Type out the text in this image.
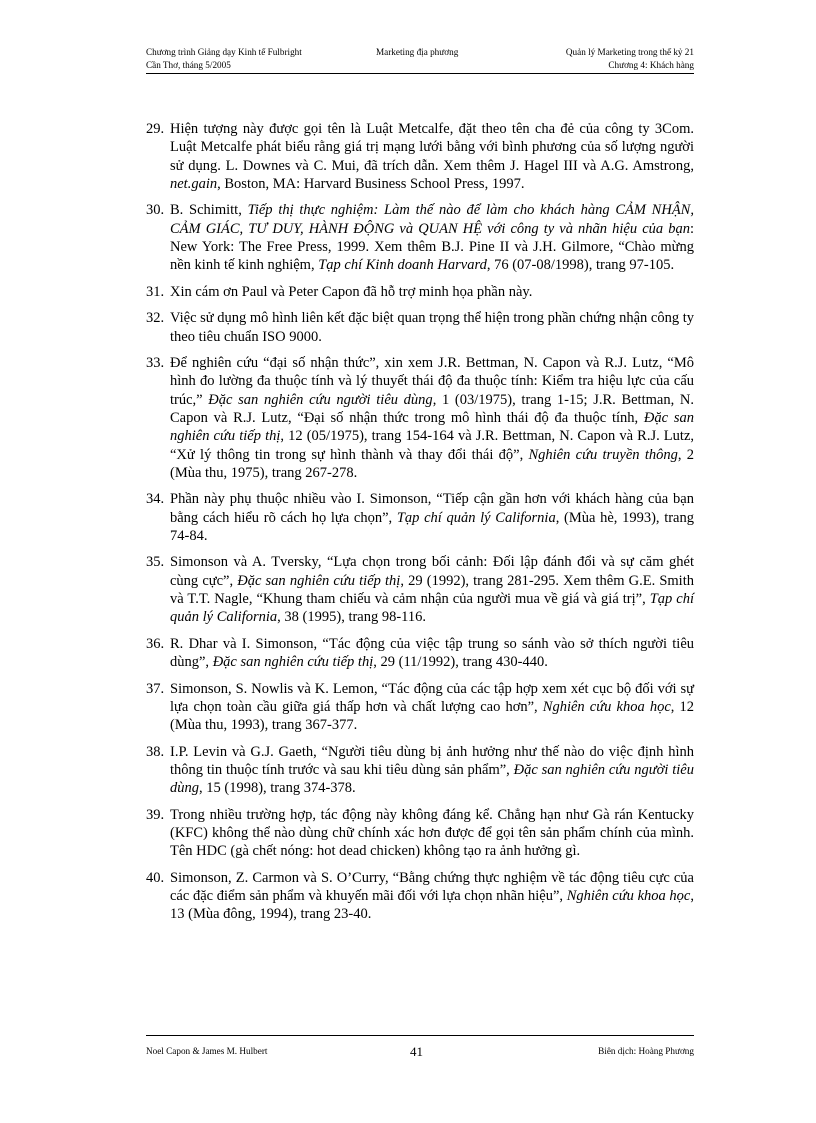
Chương trình Giảng dạy Kinh tế Fulbright
Cần Thơ, tháng 5/2005
Marketing địa phương	Quản lý Marketing trong thế kỷ 21
Chương 4: Khách hàng
29. Hiện tượng này được gọi tên là Luật Metcalfe, đặt theo tên cha đẻ của công ty 3Com. Luật Metcalfe phát biểu rằng giá trị mạng lưới bằng với bình phương của số lượng người sử dụng. L. Downes và C. Mui, đã trích dẫn. Xem thêm J. Hagel III và A.G. Amstrong, net.gain, Boston, MA: Harvard Business School Press, 1997.
30. B. Schimitt, Tiếp thị thực nghiệm: Làm thế nào để làm cho khách hàng CẢM NHẬN, CẢM GIÁC, TƯ DUY, HÀNH ĐỘNG và QUAN HỆ với công ty và nhãn hiệu của bạn: New York: The Free Press, 1999. Xem thêm B.J. Pine II và J.H. Gilmore, “Chào mừng nền kinh tế kinh nghiệm, Tạp chí Kinh doanh Harvard, 76 (07-08/1998), trang 97-105.
31. Xin cám ơn Paul và Peter Capon đã hỗ trợ minh họa phần này.
32. Việc sử dụng mô hình liên kết đặc biệt quan trọng thể hiện trong phần chứng nhận công ty theo tiêu chuẩn ISO 9000.
33. Để nghiên cứu “đại số nhận thức”, xin xem J.R. Bettman, N. Capon và R.J. Lutz, “Mô hình đo lường đa thuộc tính và lý thuyết thái độ đa thuộc tính: Kiểm tra hiệu lực của cấu trúc,” Đặc san nghiên cứu người tiêu dùng, 1 (03/1975), trang 1-15; J.R. Bettman, N. Capon và R.J. Lutz, “Đại số nhận thức trong mô hình thái độ đa thuộc tính, Đặc san nghiên cứu tiếp thị, 12 (05/1975), trang 154-164 và J.R. Bettman, N. Capon và R.J. Lutz, “Xử lý thông tin trong sự hình thành và thay đổi thái độ”, Nghiên cứu truyền thông, 2 (Mùa thu, 1975), trang 267-278.
34. Phần này phụ thuộc nhiều vào I. Simonson, “Tiếp cận gần hơn với khách hàng của bạn bằng cách hiểu rõ cách họ lựa chọn”, Tạp chí quản lý California, (Mùa hè, 1993), trang 74-84.
35. Simonson và A. Tversky, “Lựa chọn trong bối cảnh: Đối lập đánh đổi và sự căm ghét cùng cực”, Đặc san nghiên cứu tiếp thị, 29 (1992), trang 281-295. Xem thêm G.E. Smith và T.T. Nagle, “Khung tham chiếu và cảm nhận của người mua về giá và giá trị”, Tạp chí quản lý California, 38 (1995), trang 98-116.
36. R. Dhar và I. Simonson, “Tác động của việc tập trung so sánh vào sở thích người tiêu dùng”, Đặc san nghiên cứu tiếp thị, 29 (11/1992), trang 430-440.
37. Simonson, S. Nowlis và K. Lemon, “Tác động của các tập hợp xem xét cục bộ đối với sự lựa chọn toàn cầu giữa giá thấp hơn và chất lượng cao hơn”, Nghiên cứu khoa học, 12 (Mùa thu, 1993), trang 367-377.
38. I.P. Levin và G.J. Gaeth, “Người tiêu dùng bị ảnh hưởng như thế nào do việc định hình thông tin thuộc tính trước và sau khi tiêu dùng sản phẩm”, Đặc san nghiên cứu người tiêu dùng, 15 (1998), trang 374-378.
39. Trong nhiều trường hợp, tác động này không đáng kể. Chẳng hạn như Gà rán Kentucky (KFC) không thể nào dùng chữ chính xác hơn được để gọi tên sản phẩm chính của mình. Tên HDC (gà chết nóng: hot dead chicken) không tạo ra ảnh hưởng gì.
40. Simonson, Z. Carmon và S. O’Curry, “Bằng chứng thực nghiệm về tác động tiêu cực của các đặc điểm sản phẩm và khuyến mãi đối với lựa chọn nhãn hiệu”, Nghiên cứu khoa học, 13 (Mùa đông, 1994), trang 23-40.
Noel Capon & James M. Hulbert	41	Biên dịch: Hoàng Phương
